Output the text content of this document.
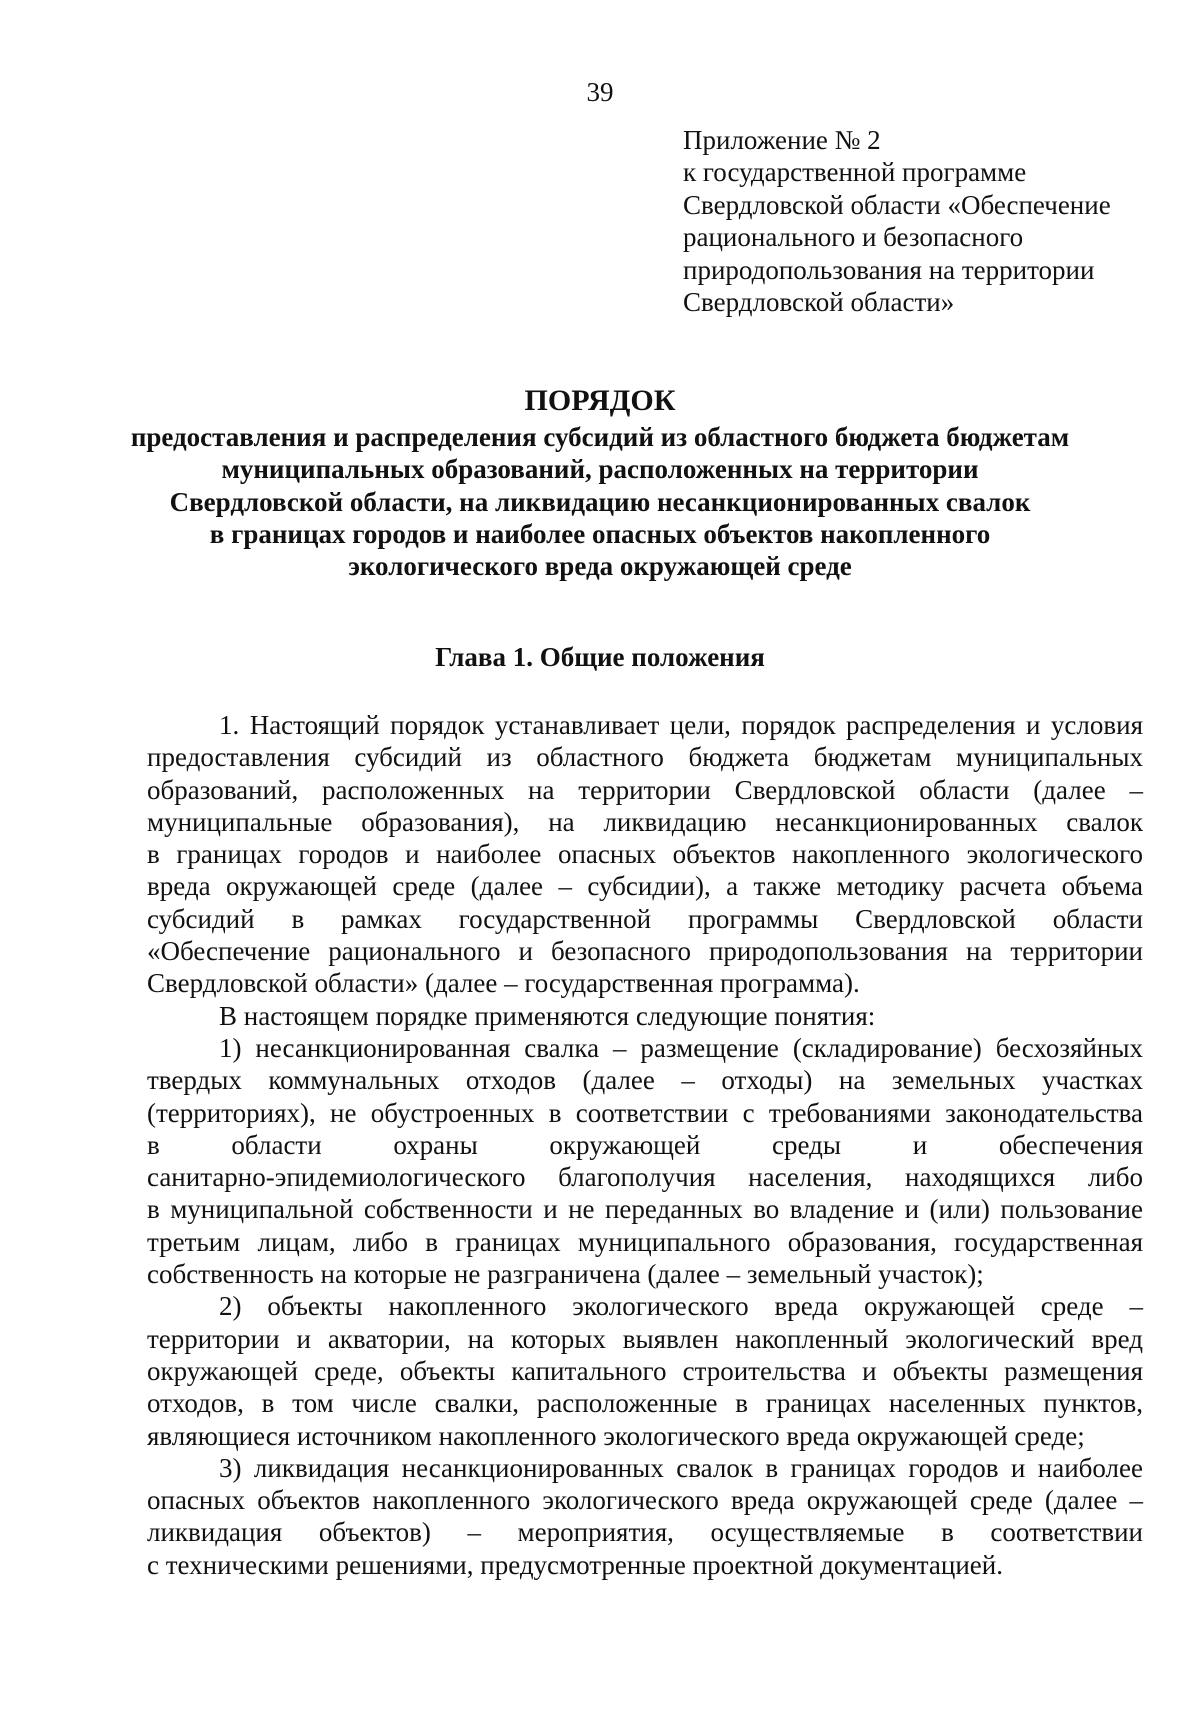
39
Приложение № 2
к государственной программе
Свердловской области «Обеспечение
рационального и безопасного
природопользования на территории
Свердловской области»
ПОРЯДОК
предоставления и распределения субсидий из областного бюджета бюджетам
муниципальных образований, расположенных на территории
Свердловской области, на ликвидацию несанкционированных свалок
в границах городов и наиболее опасных объектов накопленного
экологического вреда окружающей среде
Глава 1. Общие положения
1. Настоящий порядок устанавливает цели, порядок распределения и условия
предоставления субсидий из областного бюджета бюджетам муниципальных
образований, расположенных на территории Свердловской области (далее –
муниципальные образования), на ликвидацию несанкционированных свалок
в границах городов и наиболее опасных объектов накопленного экологического
вреда окружающей среде (далее – субсидии), а также методику расчета объема
субсидий в рамках государственной программы Свердловской области
«Обеспечение рационального и безопасного природопользования на территории
Свердловской области» (далее – государственная программа).
В настоящем порядке применяются следующие понятия:
1) несанкционированная свалка – размещение (складирование) бесхозяйных
твердых коммунальных отходов (далее – отходы) на земельных участках
(территориях), не обустроенных в соответствии с требованиями законодательства
в области охраны окружающей среды и обеспечения
санитарно-эпидемиологического благополучия населения, находящихся либо
в муниципальной собственности и не переданных во владение и (или) пользование
третьим лицам, либо в границах муниципального образования, государственная
собственность на которые не разграничена (далее – земельный участок);
2) объекты накопленного экологического вреда окружающей среде –
территории и акватории, на которых выявлен накопленный экологический вред
окружающей среде, объекты капитального строительства и объекты размещения
отходов, в том числе свалки, расположенные в границах населенных пунктов,
являющиеся источником накопленного экологического вреда окружающей среде;
3) ликвидация несанкционированных свалок в границах городов и наиболее
опасных объектов накопленного экологического вреда окружающей среде (далее –
ликвидация объектов) – мероприятия, осуществляемые в соответствии
с техническими решениями, предусмотренные проектной документацией.
